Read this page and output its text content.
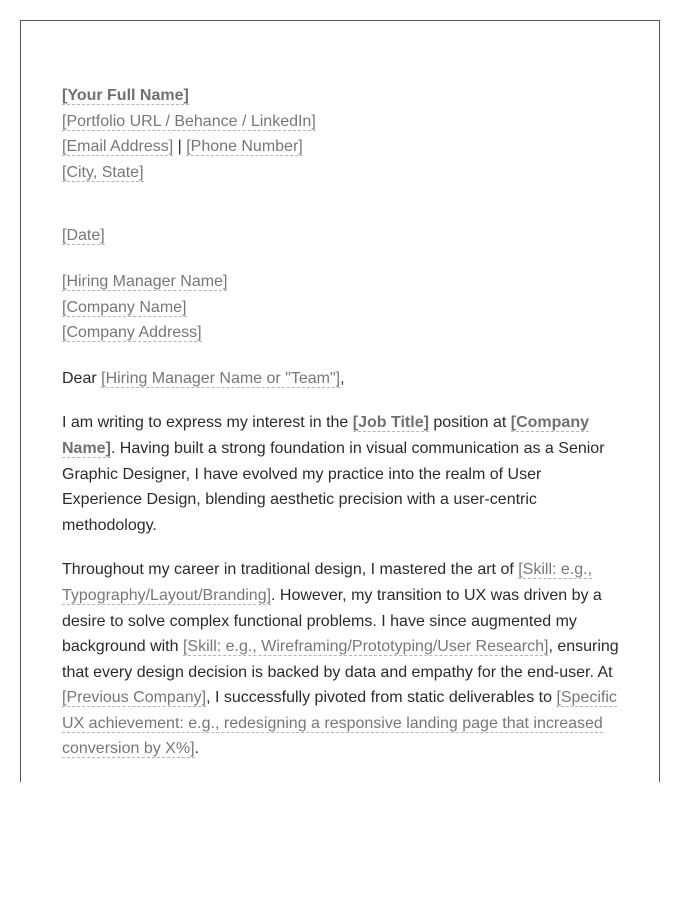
[Your Full Name]
[Portfolio URL / Behance / LinkedIn]
[Email Address] | [Phone Number]
[City, State]
[Date]
[Hiring Manager Name]
[Company Name]
[Company Address]

Dear [Hiring Manager Name or "Team"],

I am writing to express my interest in the [Job Title] position at [Company Name]. Having built a strong foundation in visual communication as a Senior Graphic Designer, I have evolved my practice into the realm of User Experience Design, blending aesthetic precision with a user-centric methodology.

Throughout my career in traditional design, I mastered the art of [Skill: e.g., Typography/Layout/Branding]. However, my transition to UX was driven by a desire to solve complex functional problems. I have since augmented my background with [Skill: e.g., Wireframing/Prototyping/User Research], ensuring that every design decision is backed by data and empathy for the end-user. At [Previous Company], I successfully pivoted from static deliverables to [Specific UX achievement: e.g., redesigning a responsive landing page that increased conversion by X%].
